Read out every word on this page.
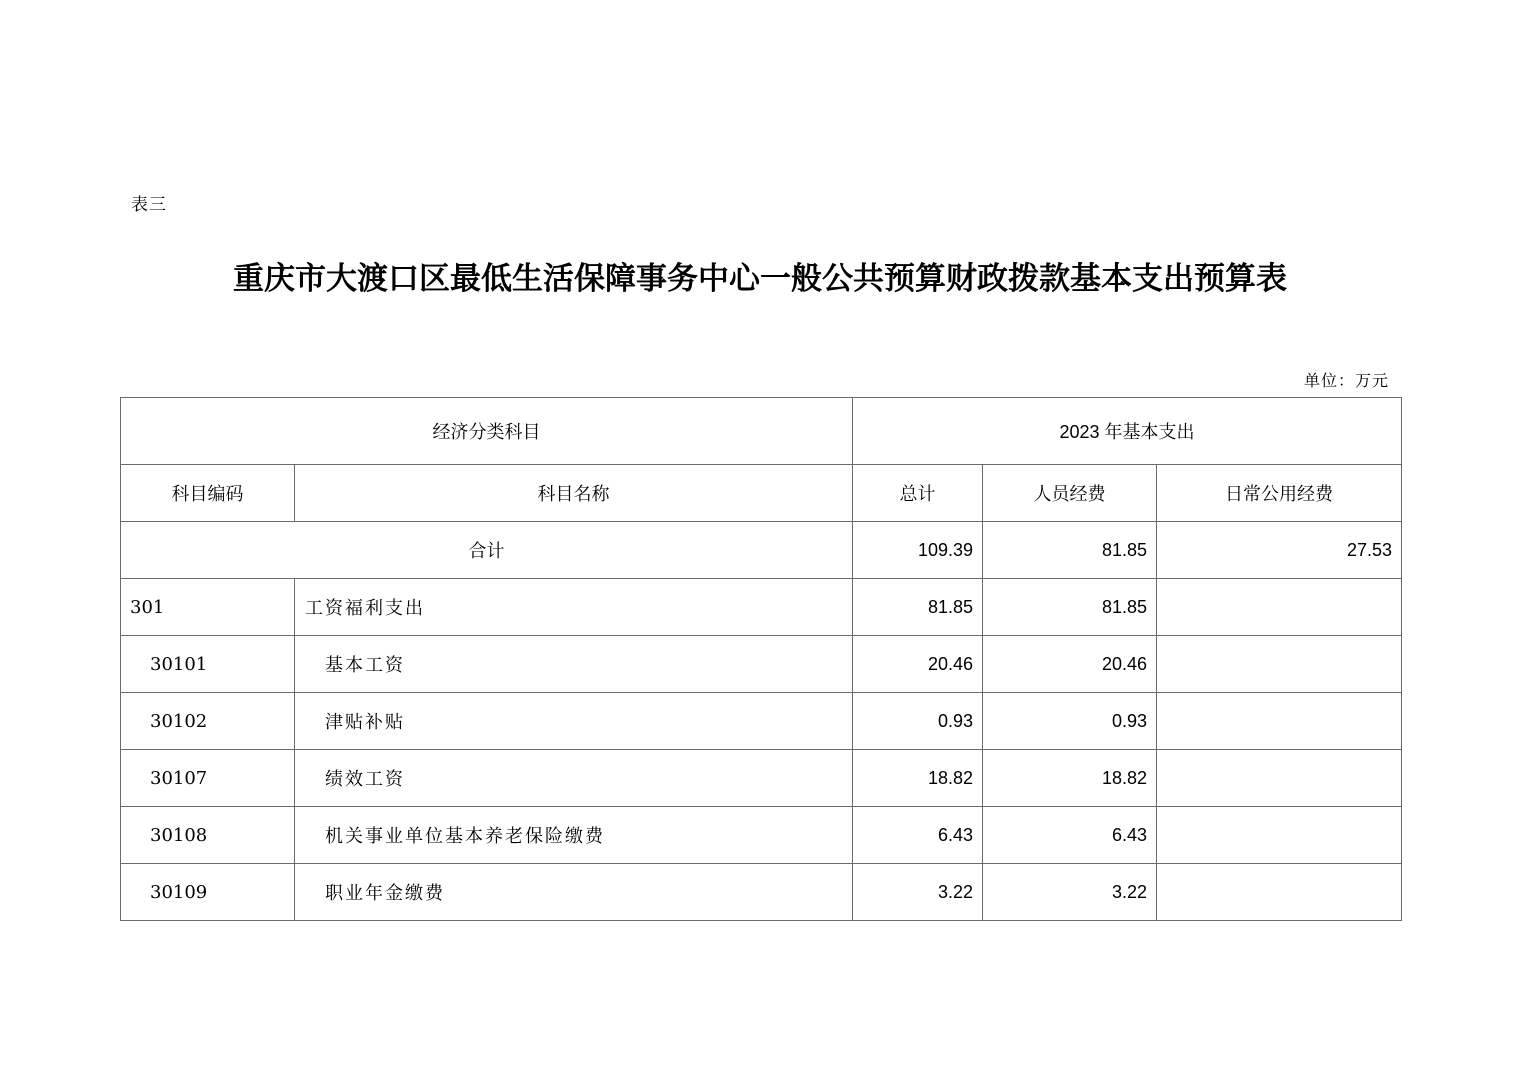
表三
重庆市大渡口区最低生活保障事务中心一般公共预算财政拨款基本支出预算表
单位：万元
经济分类科目		2023 年基本支出		
科目编码	科目名称	总计	人员经费	日常公用经费
合计		109.39	81.85	27.53
301	工资福利支出	81.85	81.85	
30101	基本工资	20.46	20.46	
30102	津贴补贴	0.93	0.93	
30107	绩效工资	18.82	18.82	
30108	机关事业单位基本养老保险缴费	6.43	6.43	
30109	职业年金缴费	3.22	3.22	
